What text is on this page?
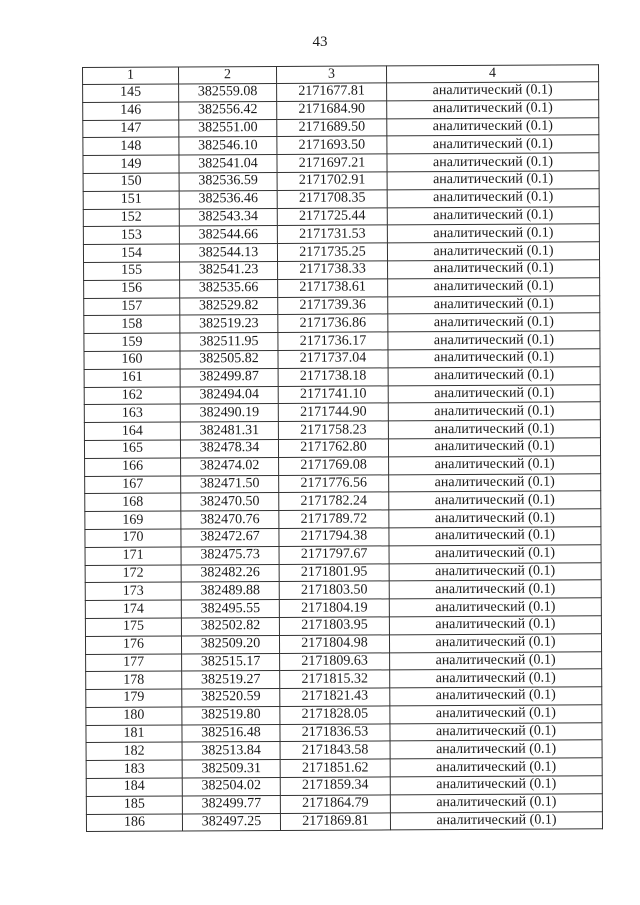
43
1	2	3	4
145	382559.08	2171677.81	аналитический (0.1)
146	382556.42	2171684.90	аналитический (0.1)
147	382551.00	2171689.50	аналитический (0.1)
148	382546.10	2171693.50	аналитический (0.1)
149	382541.04	2171697.21	аналитический (0.1)
150	382536.59	2171702.91	аналитический (0.1)
151	382536.46	2171708.35	аналитический (0.1)
152	382543.34	2171725.44	аналитический (0.1)
153	382544.66	2171731.53	аналитический (0.1)
154	382544.13	2171735.25	аналитический (0.1)
155	382541.23	2171738.33	аналитический (0.1)
156	382535.66	2171738.61	аналитический (0.1)
157	382529.82	2171739.36	аналитический (0.1)
158	382519.23	2171736.86	аналитический (0.1)
159	382511.95	2171736.17	аналитический (0.1)
160	382505.82	2171737.04	аналитический (0.1)
161	382499.87	2171738.18	аналитический (0.1)
162	382494.04	2171741.10	аналитический (0.1)
163	382490.19	2171744.90	аналитический (0.1)
164	382481.31	2171758.23	аналитический (0.1)
165	382478.34	2171762.80	аналитический (0.1)
166	382474.02	2171769.08	аналитический (0.1)
167	382471.50	2171776.56	аналитический (0.1)
168	382470.50	2171782.24	аналитический (0.1)
169	382470.76	2171789.72	аналитический (0.1)
170	382472.67	2171794.38	аналитический (0.1)
171	382475.73	2171797.67	аналитический (0.1)
172	382482.26	2171801.95	аналитический (0.1)
173	382489.88	2171803.50	аналитический (0.1)
174	382495.55	2171804.19	аналитический (0.1)
175	382502.82	2171803.95	аналитический (0.1)
176	382509.20	2171804.98	аналитический (0.1)
177	382515.17	2171809.63	аналитический (0.1)
178	382519.27	2171815.32	аналитический (0.1)
179	382520.59	2171821.43	аналитический (0.1)
180	382519.80	2171828.05	аналитический (0.1)
181	382516.48	2171836.53	аналитический (0.1)
182	382513.84	2171843.58	аналитический (0.1)
183	382509.31	2171851.62	аналитический (0.1)
184	382504.02	2171859.34	аналитический (0.1)
185	382499.77	2171864.79	аналитический (0.1)
186	382497.25	2171869.81	аналитический (0.1)
